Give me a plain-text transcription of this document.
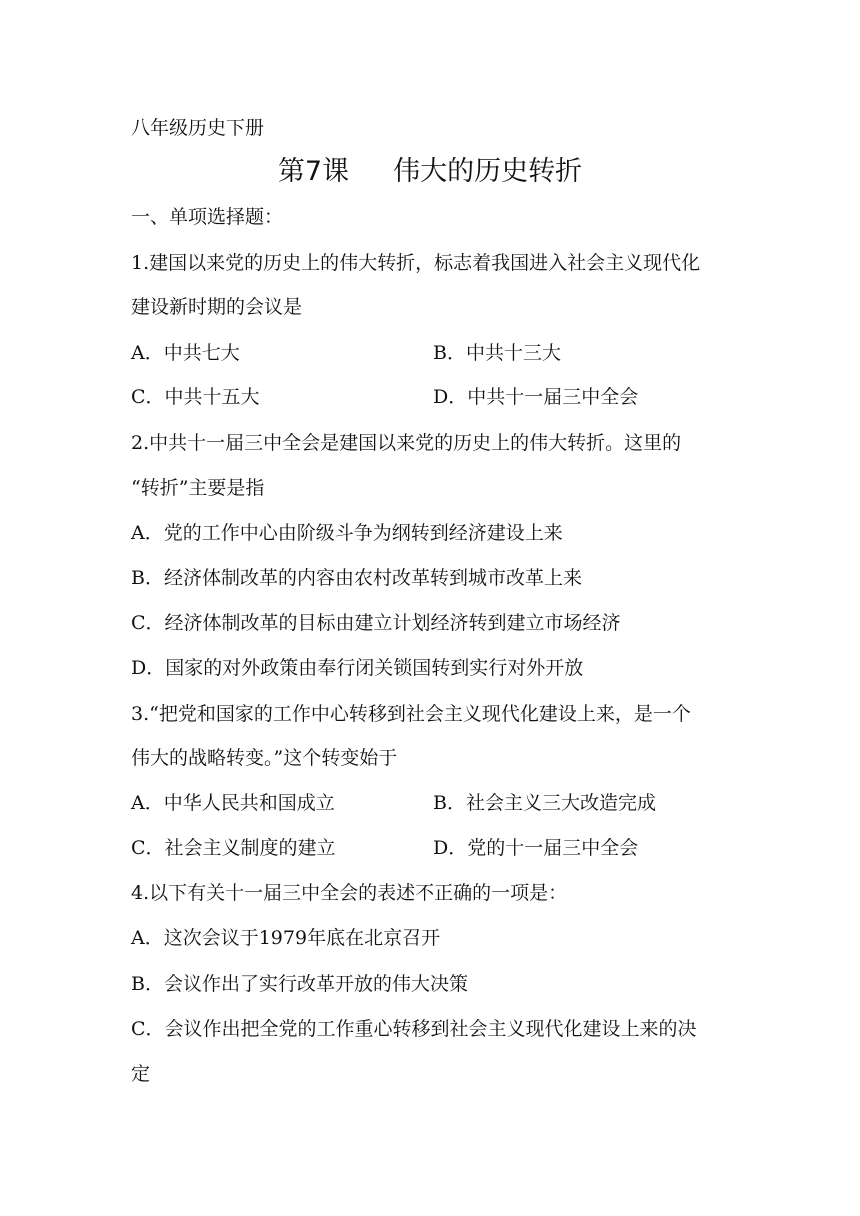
八年级历史下册
第7课 伟大的历史转折
一、单项选择题：
1.建国以来党的历史上的伟大转折，标志着我国进入社会主义现代化
建设新时期的会议是
A．中共七大	B．中共十三大
C．中共十五大	D．中共十一届三中全会
2.中共十一届三中全会是建国以来党的历史上的伟大转折。这里的
“转折”主要是指
A．党的工作中心由阶级斗争为纲转到经济建设上来
B．经济体制改革的内容由农村改革转到城市改革上来
C．经济体制改革的目标由建立计划经济转到建立市场经济
D．国家的对外政策由奉行闭关锁国转到实行对外开放
3.“把党和国家的工作中心转移到社会主义现代化建设上来，是一个
伟大的战略转变。”这个转变始于
A．中华人民共和国成立	B．社会主义三大改造完成
C．社会主义制度的建立	D．党的十一届三中全会
4.以下有关十一届三中全会的表述不正确的一项是：
A．这次会议于1979年底在北京召开
B．会议作出了实行改革开放的伟大决策
C．会议作出把全党的工作重心转移到社会主义现代化建设上来的决
定
